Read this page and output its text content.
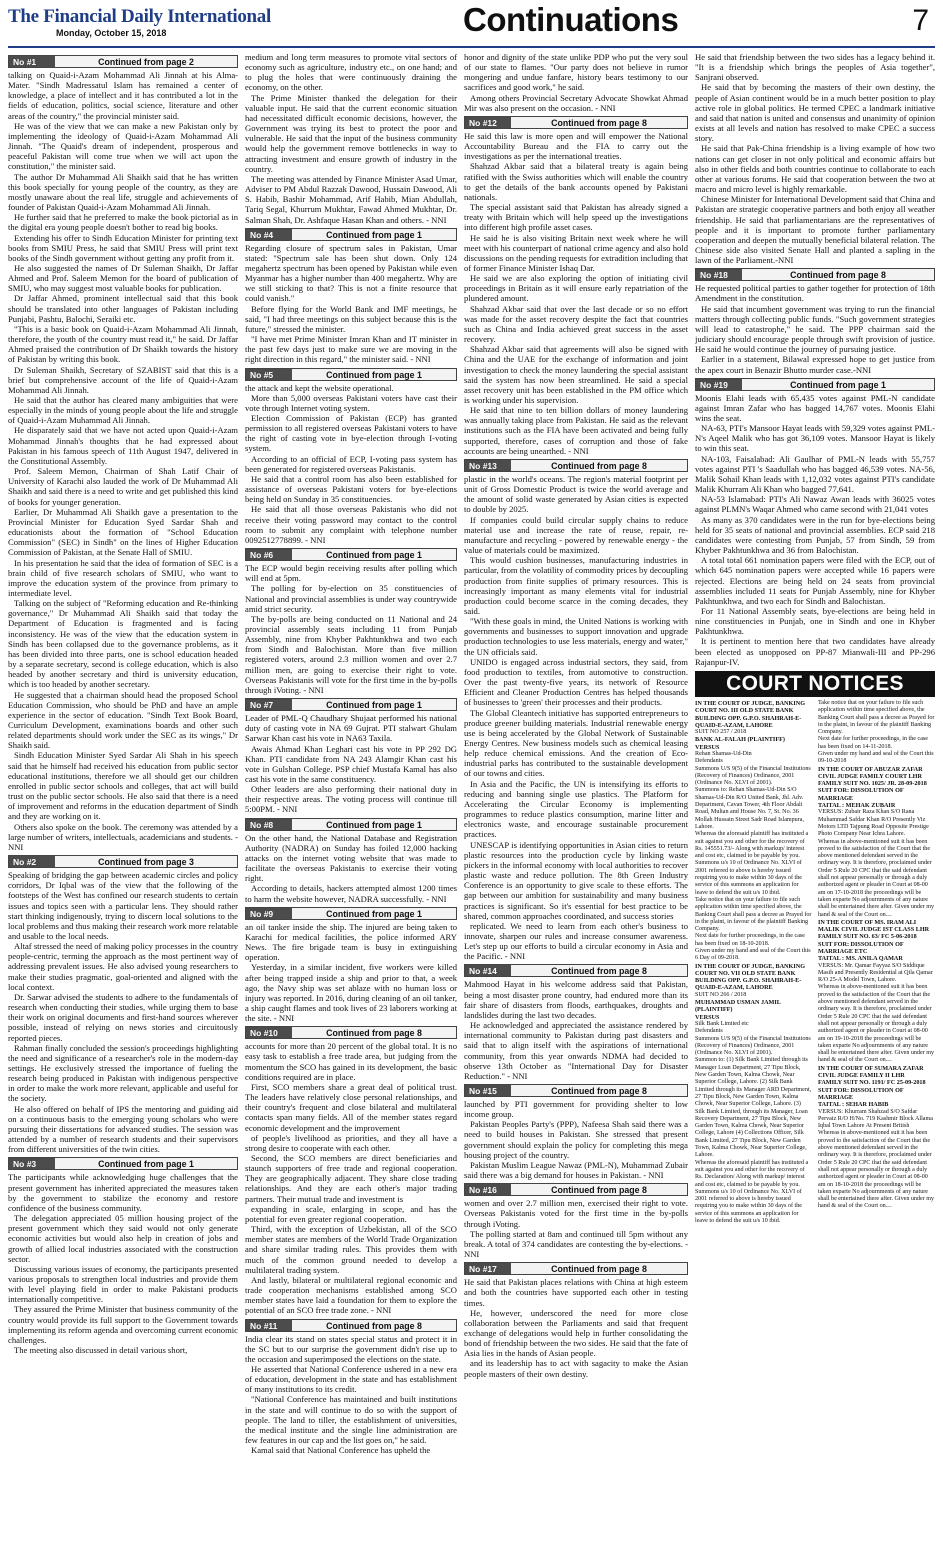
The Financial Daily International
Monday, October 15, 2018	Continuations	7
No #1	Continued from page 2

talking on Quaid-i-Azam Mohammad Ali Jinnah at his Alma-Mater. "Sindh Madressatul Islam has remained a center of knowledge, a place of intellect and it has contributed a lot in the fields of education, politics, social science, literature and other areas of the country," the provincial minister said.

He was of the view that we can make a new Pakistan only by implementing the ideology of Quaid-i-Azam Mohammad Ali Jinnah. "The Quaid's dream of independent, prosperous and peaceful Pakistan will come true when we will act upon the constitution," the minister said.

The author Dr Muhammad Ali Shaikh said that he has written this book specially for young people of the country, as they are mostly unaware about the real life, struggle and achievements of founder of Pakistan Quaid-i-Azam Mohammad Ali Jinnah.

He further said that he preferred to make the book pictorial as in the digital era young people doesn't bother to read big books.

Extending his offer to Sindh Education Minister for printing text books from SMIU Press, he said that SMIU Press will print text books of the Sindh government without getting any profit from it.

He also suggested the names of Dr Suleman Shaikh, Dr Jaffar Ahmed and Prof. Saleem Memon for the board of publication of SMIU, who may suggest most valuable books for publication.

Dr Jaffar Ahmed, prominent intellectual said that this book should be translated into other languages of Pakistan including Punjabi, Pashtu, Balochi, Seraiki etc.

"This is a basic book on Quaid-i-Azam Mohammad Ali Jinnah, therefore, the youth of the country must read it," he said. Dr Jaffar Ahmed praised the contribution of Dr Shaikh towards the history of Pakistan by writing this book.

Dr Suleman Shaikh, Secretary of SZABIST said that this is a brief but comprehensive account of the life of Quaid-i-Azam Mohammad Ali Jinnah.

He said that the author has cleared many ambiguities that were especially in the minds of young people about the life and struggle of Quaid-i-Azam Muhammad Ali Jinnah.

He disparately said that we have not acted upon Quaid-i-Azam Mohammad Jinnah's thoughts that he had expressed about Pakistan in his famous speech of 11th August 1947, delivered in the Constitutional Assembly.

Prof. Saleem Memon, Chairman of Shah Latif Chair of University of Karachi also lauded the work of Dr Muhammad Ali Shaikh and said there is a need to write and get published this kind of books for younger generation.

Earlier, Dr Muhammad Ali Shaikh gave a presentation to the Provincial Minister for Education Syed Sardar Shah and educationists about the formation of "School Education Commission" (SEC) in Sindh" on the lines of Higher Education Commission of Pakistan, at the Senate Hall of SMIU.

In his presentation he said that the idea of formation of SEC is a brain child of five research scholars of SMIU, who want to improve the education system of the province from primary to intermediate level.

Talking on the subject of "Reforming education and Re-thinking governance," Dr Muhammad Ali Shaikh said that today the Department of Education is fragmented and is facing inconsistency. He was of the view that the education system in Sindh has been collapsed due to the governance problems, as it has been divided into three parts, one is school education headed by a separate secretary, second is college education, which is also headed by another secretary and third is university education, which is too headed by another secretary.

He suggested that a chairman should head the proposed School Education Commission, who should be PhD and have an ample experience in the sector of education. "Sindh Text Book Board, Curriculum Development, examinations boards and other such related departments should work under the SEC as its wings," Dr Shaikh said.

Sindh Education Minister Syed Sardar Ali Shah in his speech said that he himself had received his education from public sector educational institutions, therefore we all should get our children enrolled in public sector schools and colleges, that act will build trust on the public sector schools. He also said that there is a need of improvement and reforms in the education department of Sindh and they are working on it.

Others also spoke on the book. The ceremony was attended by a large number of writers, intellectuals, academicians and students. - NNI

No #2	Continued from page 3

Speaking of bridging the gap between academic circles and policy corridors, Dr Iqbal was of the view that the following of the footsteps of the West has confined our research students to certain issues and topics seen with a particular lens. They should rather start thinking indigenously, trying to discern local solutions to the local problems and thus making their research work more relatable and usable to the local needs.

Altaf stressed the need of making policy processes in the country people-centric, terming the approach as the most pertinent way of addressing prevalent issues. He also advised young researchers to make their studies pragmatic, goal-oriented and aligned with the local context.

Dr. Sarwar advised the students to adhere to the fundamentals of research when conducting their studies, while urging them to base their work on original documents and first-hand sources wherever possible, instead of relying on news stories and circuitously reported pieces.

Rahman finally concluded the session's proceedings highlighting the need and significance of a researcher's role in the modern-day settings. He exclusively stressed the importance of fueling the research being produced in Pakistan with indigenous perspective in order to make the work more relevant, applicable and useful for the society.

He also offered on behalf of IPS the mentoring and guiding aid on a continuous basis to the emerging young scholars who were pursuing their dissertations for advanced studies. The session was attended by a number of research students and their supervisors from different universities of the twin cities.

No #3	Continued from page 1

The participants while acknowledging huge challenges that the present government has inherited appreciated the measures taken by the government to stabilize the economy and restore confidence of the business community.

The delegation appreciated 05 million housing project of the present government which they said would not only generate economic activities but would also help in creation of jobs and growth of allied local industries associated with the construction sector.

Discussing various issues of economy, the participants presented various proposals to strengthen local industries and provide them with level playing field in order to make Pakistani products internationally competitive.

They assured the Prime Minister that business community of the country would provide its full support to the Government towards implementing its reform agenda and overcoming current economic challenges.

The meeting also discussed in detail various short,

medium and long term measures to promote vital sectors of economy such as agriculture, industry etc., on one hand; and to plug the holes that were continuously draining the economy, on the other.

The Prime Minister thanked the delegation for their valuable input. He said that the current economic situation had necessitated difficult economic decisions, however, the Government was trying its best to protect the poor and vulnerable. He said that the input of the business community would help the government remove bottlenecks in way to attracting investment and ensure growth of industry in the country.

The meeting was attended by Finance Minister Asad Umar, Adviser to PM Abdul Razzak Dawood, Hussain Dawood, Ali S. Habib, Bashir Mohammad, Arif Habib, Mian Abdullah, Tariq Segal, Khurrum Mukhtar, Fawad Ahmed Mukhtar, Dr. Salman Shah, Dr. Ashfaque Hasan Khan and others. - NNI

No #4	Continued from page 1

Regarding closure of spectrum sales in Pakistan, Umar stated: "Spectrum sale has been shut down. Only 124 megahertz spectrum has been opened by Pakistan while even Myanmar has a higher number than 400 megahertz. Why are we still sticking to that? This is not a finite resource that could vanish."

Before flying for the World Bank and IMF meetings, he said, "I had three meetings on this subject because this is the future," stressed the minister.

"I have met Prime Minister Imran Khan and IT minister in the past few days just to make sure we are moving in the right direction in this regard," the minister said. - NNI

No #5	Continued from page 1

the attack and kept the website operational.

More than 5,000 overseas Pakistani voters have cast their vote through Internet voting system.

Election Commission of Pakistan (ECP) has granted permission to all registered overseas Pakistani voters to have the right of casting vote in bye-election through I-voting system.

According to an official of ECP, I-voting pass system has been generated for registered overseas Pakistanis.

He said that a control room has also been established for assistance of overseas Pakistani voters for bye-elections being held on Sunday in 35 constituencies.

He said that all those overseas Pakistanis who did not receive their voting password may contact to the control room to submit any complaint with telephone number 0092512778899. - NNI

No #6	Continued from page 1

The ECP would begin receiving results after polling which will end at 5pm.

The polling for by-election on 35 constituencies of National and provincial assemblies is under way countrywide amid strict security.

The by-polls are being conducted on 11 National and 24 provincial assembly seats including 11 from Punjab Assembly, nine from Khyber Pakhtunkhwa and two each from Sindh and Balochistan. More than five million registered voters, around 2.3 million women and over 2.7 million men, are going to exercise their right to vote. Overseas Pakistanis will vote for the first time in the by-polls through iVoting. - NNI

No #7	Continued from page 1

Leader of PML-Q Chaudhary Shujaat performed his national duty of casting vote in NA 69 Gujrat. PTI stalwart Ghulam Sarwar Khan cast his vote in NA63 Taxila.

Awais Ahmad Khan Leghari cast his vote in PP 292 DG Khan. PTI candidate from NA 243 Alamgir Khan cast his vote in Gulshan College. PSP chief Mustafa Kamal has also cast his vote in the same constituency.

Other leaders are also performing their national duty in their respective areas. The voting process will continue till 5:00PM. - NNI

No #8	Continued from page 1

On the other hand, the National Database and Registration Authority (NADRA) on Sunday has foiled 12,000 hacking attacks on the internet voting website that was made to facilitate the overseas Pakistanis to exercise their voting right.

According to details, hackers attempted almost 1200 times to harm the website however, NADRA successfully. - NNI

No #9	Continued from page 1

an oil tanker inside the ship. The injured are being taken to Karachi for medical facilities, the police informed ARY News. The fire brigade team is busy in extinguishing operation.

Yesterday, in a similar incident, five workers were killed after being trapped inside a ship and prior to that, a week ago, the Navy ship was set ablaze with no human loss or injury was reported. In 2016, during cleaning of an oil tanker, a ship caught flames and took lives of 23 laborers working at the site. - NNI

No #10	Continued from page 8

accounts for more than 20 percent of the global total. It is no easy task to establish a free trade area, but judging from the momentum the SCO has gained in its development, the basic conditions required are in place.

First, SCO members share a great deal of political trust. The leaders have relatively close personal relationships, and their country's frequent and close bilateral and multilateral contacts span many fields. All of the member states regard economic development and the improvement

of people's livelihood as priorities, and they all have a strong desire to cooperate with each other.

Second, the SCO members are direct beneficiaries and staunch supporters of free trade and regional cooperation. They are geographically adjacent. They share close trading relationships. And they are each other's major trading partners. Their mutual trade and investment is

expanding in scale, enlarging in scope, and has the potential for even greater regional cooperation.

Third, with the exception of Uzbekistan, all of the SCO member states are members of the World Trade Organization and share similar trading rules. This provides them with much of the common ground needed to develop a multilateral trading system.

And lastly, bilateral or multilateral regional economic and trade cooperation mechanisms established among SCO member states have laid a foundation for them to explore the potential of an SCO free trade zone. - NNI

No #11	Continued from page 8

India clear its stand on states special status and protect it in the SC but to our surprise the government didn't rise up to the occasion and superimposed the elections on the state.

He asserted that National Conference ushered in a new era of education, development in the state and has establishment of many institutions to its credit.

"National Conference has maintained and built institutions in the state and will continue to do so with the support of people. The land to tiller, the establishment of universities, the medical institute and the single line administration are few features in our cap and the list goes on," he said.

Kamal said that National Conference has upheld the

honor and dignity of the state unlike PDP who put the very soul of our state to flames. "Our party does not believe in rumor mongering and undue fanfare, history bears testimony to our sacrifices and good work," he said.

Among others Provincial Secretary Advocate Showkat Ahmad Mir was also present on the occasion. - NNI

No #12	Continued from page 8

He said this law is more open and will empower the National Accountability Bureau and the FIA to carry out the investigations as per the international treaties.

Shahzad Akbar said that a bilateral treaty is again being ratified with the Swiss authorities which will enable the country to get the details of the bank accounts opened by Pakistani nationals.

The special assistant said that Pakistan has already signed a treaty with Britain which will help speed up the investigations into different high profile asset cases.

He said he is also visiting Britain next week where he will meet with his counterpart of national crime agency and also hold discussions on the pending requests for extradition including that of former Finance Minister Ishaq Dar.

He said we are also exploring the option of initiating civil proceedings in Britain as it will ensure early repatriation of the plundered amount.

Shahzad Akbar said that over the last decade or so no effort was made for the asset recovery despite the fact that countries such as China and India achieved great success in the asset recovery.

Shahzad Akbar said that agreements will also be signed with China and the UAE for the exchange of information and joint investigation to check the money laundering the special assistant said the system has now been streamlined. He said a special asset recovery unit has been established in the PM office which is working under his supervision.

He said that nine to ten billion dollars of money laundering was annually taking place from Pakistan. He said as the relevant institutions such as the FIA have been activated and being fully supported, therefore, cases of corruption and those of fake accounts are being unearthed. - NNI

No #13	Continued from page 8

plastic in the world's oceans. The region's material footprint per unit of Gross Domestic Product is twice the world average and the amount of solid waste generated by Asian cities is expected to double by 2025.

If companies could build circular supply chains to reduce material use and increase the rate of reuse, repair, re-manufacture and recycling - powered by renewable energy - the value of materials could be maximized.

This would cushion businesses, manufacturing industries in particular, from the volatility of commodity prices by decoupling production from finite supplies of primary resources. This is increasingly important as many elements vital for industrial production could become scarce in the coming decades, they said.

"With these goals in mind, the United Nations is working with governments and businesses to support innovation and upgrade production technologies to use less materials, energy and water," the UN officials said.

UNIDO is engaged across industrial sectors, they said, from food production to textiles, from automotive to construction. Over the past twenty-five years, its network of Resource Efficient and Cleaner Production Centres has helped thousands of businesses to 'green' their processes and their products.

The Global Cleantech initiative has supported entrepreneurs to produce greener building materials. Industrial renewable energy use is being accelerated by the Global Network of Sustainable Energy Centres. New business models such as chemical leasing help reduce chemical emissions. And the creation of Eco-industrial parks has contributed to the sustainable development of our towns and cities.

In Asia and the Pacific, the UN is intensifying its efforts to reducing and banning single use plastics. The Platform for Accelerating the Circular Economy is implementing programmes to reduce plastics consumption, marine litter and electronics waste, and encourage sustainable procurement practices.

UNESCAP is identifying opportunities in Asian cities to return plastic resources into the production cycle by linking waste pickers in the informal economy with local authorities to recover plastic waste and reduce pollution. The 8th Green Industry Conference is an opportunity to give scale to these efforts. The gap between our ambition for sustainability and many business practices is significant. So it's essential for best practice to be shared, common approaches coordinated, and success stories

replicated. We need to learn from each other's business to innovate, sharpen our rules and increase consumer awareness. Let's step up our efforts to build a circular economy in Asia and the Pacific. - NNI

No #14	Continued from page 8

Mahmood Hayat in his welcome address said that Pakistan, being a most disaster prone country, had endured more than its fair share of disasters from floods, earthquakes, droughts and landslides during the last two decades.

He acknowledged and appreciated the assistance rendered by international community to Pakistan during past disasters and said that to align itself with the aspirations of international community, from this year onwards NDMA had decided to observe 13th October as "International Day for Disaster Reduction." - NNI

No #15	Continued from page 8

launched by PTI government for providing shelter to low income group.

Pakistan Peoples Party's (PPP), Nafeesa Shah said there was a need to build houses in Pakistan. She stressed that present government should explain the policy for completing this mega housing project of the country.

Pakistan Muslim League Nawaz (PML-N), Muhammad Zubair said there was a big demand for houses in Pakistan. - NNI

No #16	Continued from page 8

women and over 2.7 million men, exercised their right to vote. Overseas Pakistanis voted for the first time in the by-polls through iVoting.

The polling started at 8am and continued till 5pm without any break. A total of 374 candidates are contesting the by-elections. - NNI

No #17	Continued from page 8

He said that Pakistan places relations with China at high esteem and both the countries have supported each other in testing times.

He, however, underscored the need for more close collaboration between the Parliaments and said that frequent exchange of delegations would help in further consolidating the bond of friendship between the two sides. He said that the fate of Asia lies in the hands of Asian people.

and its leadership has to act with sagacity to make the Asian people masters of their own destiny.

He said that friendship between the two sides has a legacy behind it. "It is a friendship which brings the peoples of Asia together", Sanjrani observed.

He said that by becoming the masters of their own destiny, the people of Asian continent would be in a much better position to play active role in global politics. He termed CPEC a landmark initiative and said that nation is united and consensus and unanimity of opinion exists at all levels and nation has resolved to make CPEC a success story.

He said that Pak-China friendship is a living example of how two nations can get closer in not only political and economic affairs but also in other fields and both countries continue to collaborate to each other at various forums. He said that cooperation between the two at macro and micro level is highly remarkable.

Chinese Minister for International Development said that China and Pakistan are strategic cooperative partners and both enjoy all weather friendship. He said that parliamentarians are the representatives of people and it is important to promote further parliamentary cooperation and deepen the mutually beneficial bilateral relation. The Chinese side also visited Senate Hall and planted a sapling in the lawn of the Parliament.-NNI

No #18	Continued from page 8

He requested political parties to gather together for protection of 18th Amendment in the constitution.

He said that incumbent government was trying to run the financial matters through collecting public funds. "Such government strategies will lead to catastrophe," he said. The PPP chairman said the judiciary should encourage people through swift provision of justice. He said he would continue the journey of pursuing justice.

Earlier in a statement, Bilawal expressed hope to get justice from the apex court in Benazir Bhutto murder case.-NNI

No #19	Continued from page 1

Moonis Elahi leads with 65,435 votes against PML-N candidate against Imran Zafar who has bagged 14,767 votes. Moonis Elahi wins the seat.

NA-63, PTI's Mansoor Hayat leads with 59,329 votes against PML-N's Aqeel Malik who has got 36,109 votes. Mansoor Hayat is likely to win this seat.

NA-103, Faisalabad: Ali Gaulhar of PML-N leads with 55,757 votes against PTI 's Saadullah who has bagged 46,539 votes. NA-56, Malik Sohail Khan leads with 1,12,032 votes against PTI's candidate Malik Khurram Ali Khan who bagged 77,641.

NA-53 Islamabad: PTI's Ali Nawaz Awan leads with 36025 votes against PLMN's Waqar Ahmed who came second with 21,041 votes

As many as 370 candidates were in the run for bye-elections being held for 35 seats of national and provincial assemblies. ECP said 218 candidates were contesting from Punjab, 57 from Sindh, 59 from Khyber Pakhtunkhwa and 36 from Balochistan.

A total total 661 nomination papers were filed with the ECP, out of which 645 nomination papers were accepted while 16 papers were rejected. Elections are being held on 24 seats from provincial assemblies included 11 seats for Punjab Assembly, nine for Khyber Pakhtunkhwa, and two each for Sindh and Balochistan.

For 11 National Assembly seats, bye-elections are being held in nine constituencies in Punjab, one in Sindh and one in Khyber Pakhtunkhwa.

It is pertinent to mention here that two candidates have already been elected as unopposed on PP-87 Mianwali-III and PP-296 Rajanpur-IV.

COURT NOTICES
IN THE COURT OF JUDGE, BANKING COURT NO. III OLD STATE BANK BUILDING OPP. G.P.O. SHAHRAH-E-QUAID-E-AZAM, LAHORE
SUIT NO 257 / 2018
BANK AL-FALAH (PLAINTIFF)
VERSUS
Rehan Shamas-Ud-Din
Defendants
Summons U/S 9(5) of the Financial Institutions (Recovery of Finances) Ordinance, 2001 (Ordinance No. XLVI of 2001).
Summons to: Rehan Shamas-Ud-Din S/O Shamas-Ud-Din R/O United Bank, Jhl. Adv. Department, Cavan Tower, 4th Floor Abdali Road, Multan and House No. 7, St. No. 36 Mollah Hussain Street Sadr Road Islampura, Lahore.
Whereas the aforesaid plaintiff has instituted a suit against you and other for the recovery of Rs. 145551.73/- Along with markup/ interest and cost etc, claimed to be payable by you. Summons u/s 10 of Ordinance No. XLVI of 2001 referred to above is hereby issued requiring you to make within 30 days of the service of this summons an application for leave to defend the suit u/s 10 ibid.
Take notice that on your failure to file such application within time specified above, the Banking Court shall pass a decree as Prayed for in the plaint, in favour of the plaintiff Banking Company.
Next date for further proceedings, in the case has been fixed on 18-10-2018.
Given under my hand and seal of the Court this 6 Day of 09-2018.
IN THE COURT OF JUDGE, BANKING COURT NO. VII OLD STATE BANK BUILDING OPP. G.P.O. SHAHRAH-E-QUAID-E-AZAM, LAHORE
SUIT NO 266 / 2018
MUHAMMAD USMAN JAMIL (PLAINTIFF)
VERSUS
Silk Bank Limited etc
Defendants
Summons U/S 9(5) of the Financial Institutions (Recovery of Finances) Ordinance, 2001 (Ordinance No. XLVI of 2001).
Summon to: (1) Silk Bank Limited through its Manager Loan Department, 27 Tipu Block, New Garden Town, Kalma Chowk, Near Superior College, Lahore. (2) Silk Bank Limited through its Manager ARD Department, 27 Tipu Block, New Garden Town, Kalma Chowk, Near Superior College, Lahore. (3) Silk Bank Limited, through its Manager, Loan Recovery Department, 27 Tipu Block, New Garden Town, Kalma Chowk, Near Superior College, Lahore (4) Collections Officer, Silk Bank Limited, 27 Tipu Block, New Garden Town, Kalma Chowk, Near Superior College, Lahore.
Whereas the aforesaid plaintiff has instituted a suit against you and other for the recovery of Rs. Declaration/ Along with markup/ interest and cost etc, claimed to be payable by you. Summons u/s 10 of Ordinance No. XLVI of 2001 referred to above is hereby issued requiring you to make within 30 days of the service of this summons an application for leave to defend the suit u/s 10 ibid.
Take notice that on your failure to file such application within time specified above, the Banking Court shall pass a decree as Prayed for in the plaint, in favour of the plaintiff Banking Company.
Next date for further proceedings, in the case has been fixed on 14-11-2018.
Given under my hand and seal of the Court this 09-10-2018
IN THE COURT OF ABUZAR ZAFAR CIVIL JUDGE FAMILY COURT LHR
FAMILY SUIT NO. 1025/ JR. 28-09-2018
SUIT FOR: DISSOLUTION OF MARRIAGE
TAITAL : MEHAK ZUBAIR
VERSUS: Zubair Raza Khan S/O Rana Muhammad Safdar Khan R/O Presently Viz Motors LTD Tajpung Road Opposite Prestige Photo Company Near Ichra Lahore.
Whereas in above-mentioned suit it has been proved to the satisfaction of the Court that the above mentioned defendant served in the ordinary way. It is therefore, proclaimed under Order 5 Rule 20 CPC that the said defendant shall not appear personally or through a duly authorized agent or pleader in Court at 08-00 am on 17-10-2018 the proceedings will be taken exparte No adjournments of any nature shall be entertained there after. Given under my hand & seal of the Court on....
IN THE COURT OF MS. IRAM ALI MALIK CIVIL JUDGE IST CLASS LHR
FAMILY SUIT NO. 63/ FC 5-06-2018
SUIT FOR: DISSOLUTION OF MARRIAGE ETC
TAITAL : MS. ANILA QAMAR
VERSUS: Mr. Qamar Fayyaz S/O Siddique Masih and Presently Residential at Qila Qamar R/O 25-A Model Town, Lahore.
Whereas in above-mentioned suit it has been proved to the satisfaction of the Court that the above mentioned defendant served in the ordinary way. It is therefore, proclaimed under Order 5 Rule 20 CPC that the said defendant shall not appear personally or through a duly authorized agent or pleader in Court at 08-00 am on 19-10-2018 the proceedings will be taken exparte No adjournments of any nature shall be entertained there after. Given under my hand & seal of the Court on....
IN THE COURT OF SUMARA ZAFAR CIVIL JUDGE FAMILY II LHR
FAMILY SUIT NO. 1191/ FC 25-09-2018
SUIT FOR: DISSOLUTION OF MARRIAGE
TAITAL : SEHAR HABIB
VERSUS: Khurram Shahzad S/O Safdar Pervaiz R/O H/No. 719 Kashmir Block Allama Iqbal Town Lahore At Present British
Whereas in above-mentioned suit it has been proved to the satisfaction of the Court that the above mentioned defendant served in the ordinary way. It is therefore, proclaimed under Order 5 Rule 20 CPC that the said defendant shall not appear personally or through a duly authorized agent or pleader in Court at 08-00 am on 18-10-2018 the proceedings will be taken exparte No adjournments of any nature shall be entertained there after. Given under my hand & seal of the Court on....
